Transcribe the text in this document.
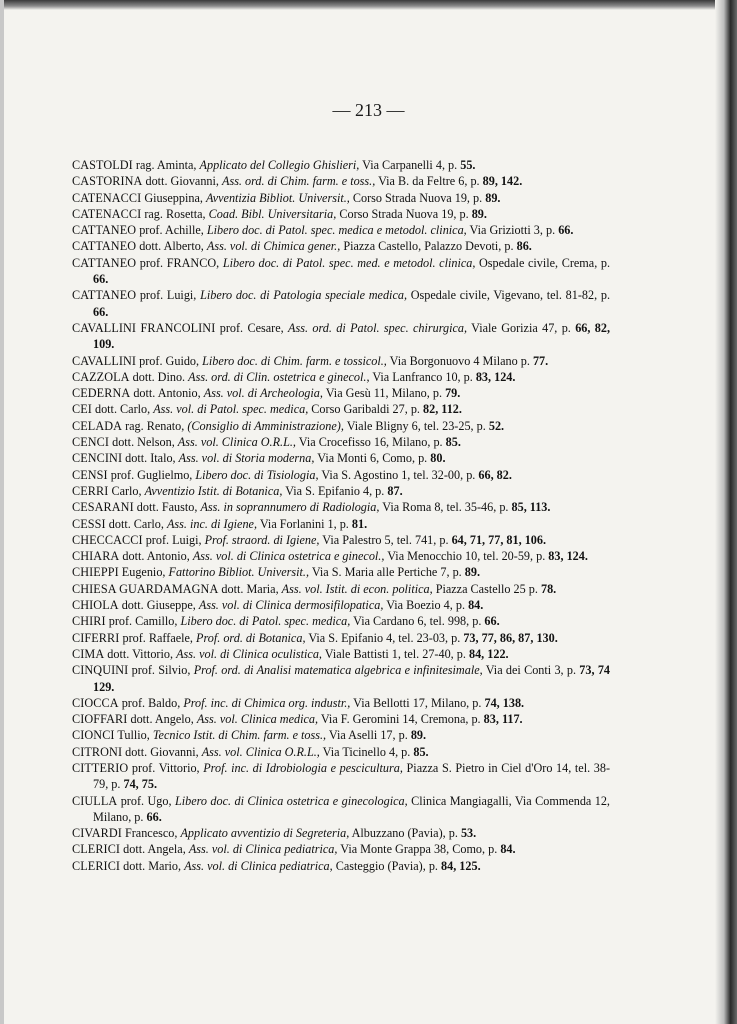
— 213 —
CASTOLDI rag. Aminta, Applicato del Collegio Ghislieri, Via Carpanelli 4, p. 55.
CASTORINA dott. Giovanni, Ass. ord. di Chim. farm. e toss., Via B. da Feltre 6, p. 89, 142.
CATENACCI Giuseppina, Avventizia Bibliot. Universit., Corso Strada Nuova 19, p. 89.
CATENACCI rag. Rosetta, Coad. Bibl. Universitaria, Corso Strada Nuova 19, p. 89.
CATTANEO prof. Achille, Libero doc. di Patol. spec. medica e metodol. clinica, Via Griziotti 3, p. 66.
CATTANEO dott. Alberto, Ass. vol. di Chimica gener., Piazza Castello, Palazzo Devoti, p. 86.
CATTANEO prof. FRANCO, Libero doc. di Patol. spec. med. e metodol. clinica, Ospedale civile, Crema, p. 66.
CATTANEO prof. Luigi, Libero doc. di Patologia speciale medica, Ospedale civile, Vigevano, tel. 81-82, p. 66.
CAVALLINI FRANCOLINI prof. Cesare, Ass. ord. di Patol. spec. chirurgica, Viale Gorizia 47, p. 66, 82, 109.
CAVALLINI prof. Guido, Libero doc. di Chim. farm. e tossicol., Via Borgonuovo 4 Milano p. 77.
CAZZOLA dott. Dino. Ass. ord. di Clin. ostetrica e ginecol., Via Lanfranco 10, p. 83, 124.
CEDERNA dott. Antonio, Ass. vol. di Archeologia, Via Gesù 11, Milano, p. 79.
CEI dott. Carlo, Ass. vol. di Patol. spec. medica, Corso Garibaldi 27, p. 82, 112.
CELADA rag. Renato, (Consiglio di Amministrazione), Viale Bligny 6, tel. 23-25, p. 52.
CENCI dott. Nelson, Ass. vol. Clinica O.R.L., Via Crocefisso 16, Milano, p. 85.
CENCINI dott. Italo, Ass. vol. di Storia moderna, Via Monti 6, Como, p. 80.
CENSI prof. Guglielmo, Libero doc. di Tisiologia, Via S. Agostino 1, tel. 32-00, p. 66, 82.
CERRI Carlo, Avventizio Istit. di Botanica, Via S. Epifanio 4, p. 87.
CESARANI dott. Fausto, Ass. in soprannumero di Radiologia, Via Roma 8, tel. 35-46, p. 85, 113.
CESSI dott. Carlo, Ass. inc. di Igiene, Via Forlanini 1, p. 81.
CHECCACCI prof. Luigi, Prof. straord. di Igiene, Via Palestro 5, tel. 741, p. 64, 71, 77, 81, 106.
CHIARA dott. Antonio, Ass. vol. di Clinica ostetrica e ginecol., Via Menocchio 10, tel. 20-59, p. 83, 124.
CHIEPPI Eugenio, Fattorino Bibliot. Universit., Via S. Maria alle Pertiche 7, p. 89.
CHIESA GUARDAMAGNA dott. Maria, Ass. vol. Istit. di econ. politica, Piazza Castello 25 p. 78.
CHIOLA dott. Giuseppe, Ass. vol. di Clinica dermosifilopatica, Via Boezio 4, p. 84.
CHIRI prof. Camillo, Libero doc. di Patol. spec. medica, Via Cardano 6, tel. 998, p. 66.
CIFERRI prof. Raffaele, Prof. ord. di Botanica, Via S. Epifanio 4, tel. 23-03, p. 73, 77, 86, 87, 130.
CIMA dott. Vittorio, Ass. vol. di Clinica oculistica, Viale Battisti 1, tel. 27-40, p. 84, 122.
CINQUINI prof. Silvio, Prof. ord. di Analisi matematica algebrica e infinitesimale, Via dei Conti 3, p. 73, 74 129.
CIOCCA prof. Baldo, Prof. inc. di Chimica org. industr., Via Bellotti 17, Milano, p. 74, 138.
CIOFFARI dott. Angelo, Ass. vol. Clinica medica, Via F. Geromini 14, Cremona, p. 83, 117.
CIONCI Tullio, Tecnico Istit. di Chim. farm. e toss., Via Aselli 17, p. 89.
CITRONI dott. Giovanni, Ass. vol. Clinica O.R.L., Via Ticinello 4, p. 85.
CITTERIO prof. Vittorio, Prof. inc. di Idrobiologia e pescicultura, Piazza S. Pietro in Ciel d'Oro 14, tel. 38-79, p. 74, 75.
CIULLA prof. Ugo, Libero doc. di Clinica ostetrica e ginecologica, Clinica Mangiagalli, Via Commenda 12, Milano, p. 66.
CIVARDI Francesco, Applicato avventizio di Segreteria, Albuzzano (Pavia), p. 53.
CLERICI dott. Angela, Ass. vol. di Clinica pediatrica, Via Monte Grappa 38, Como, p. 84.
CLERICI dott. Mario, Ass. vol. di Clinica pediatrica, Casteggio (Pavia), p. 84, 125.
